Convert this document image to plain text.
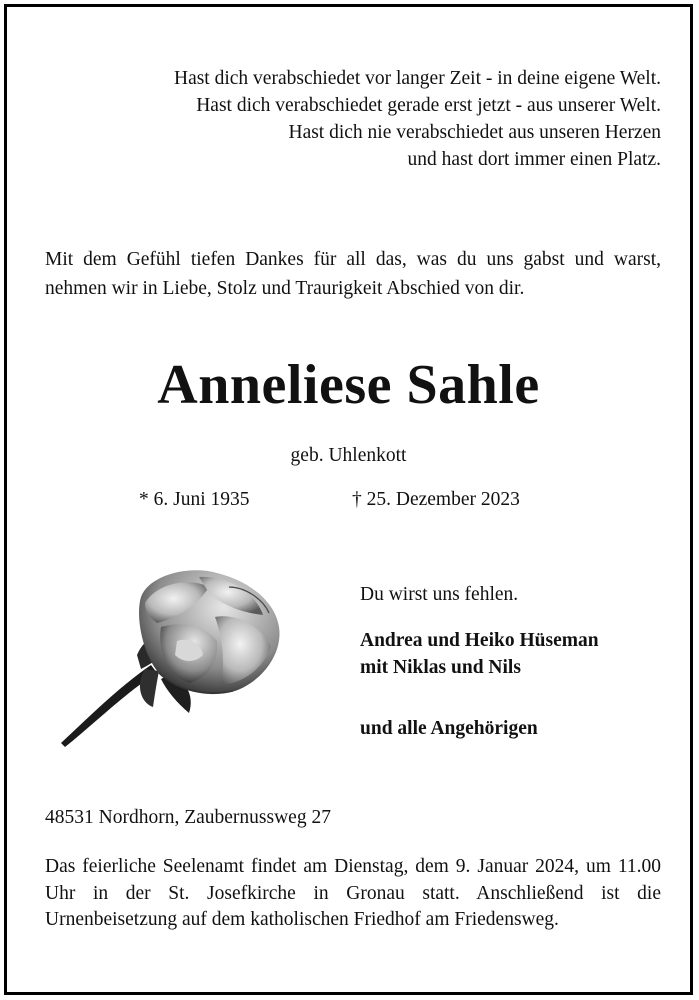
Hast dich verabschiedet vor langer Zeit - in deine eigene Welt.
Hast dich verabschiedet gerade erst jetzt - aus unserer Welt.
Hast dich nie verabschiedet aus unseren Herzen
und hast dort immer einen Platz.
Mit dem Gefühl tiefen Dankes für all das, was du uns gabst und warst, nehmen wir in Liebe, Stolz und Traurigkeit Abschied von dir.
Anneliese Sahle
geb. Uhlenkott
* 6. Juni 1935	† 25. Dezember 2023
Du wirst uns fehlen.
Andrea und Heiko Hüseman
mit Niklas und Nils
und alle Angehörigen
48531 Nordhorn, Zaubernussweg 27
Das feierliche Seelenamt findet am Dienstag, dem 9. Januar 2024, um 11.00 Uhr in der St. Josefkirche in Gronau statt. Anschließend ist die Urnenbeisetzung auf dem katholischen Friedhof am Friedensweg.
